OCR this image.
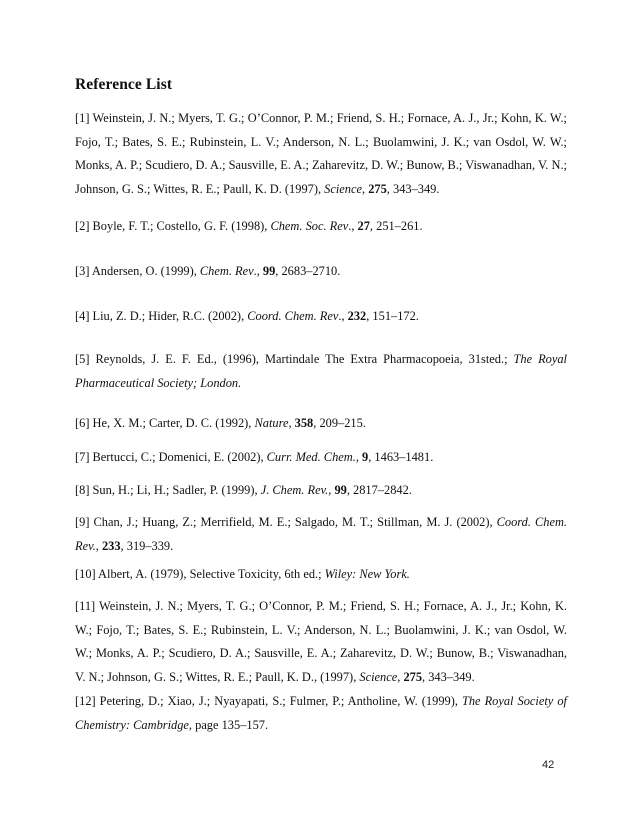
Reference List
[1] Weinstein, J. N.; Myers, T. G.; O’Connor, P. M.; Friend, S. H.; Fornace, A. J., Jr.; Kohn, K. W.; Fojo, T.; Bates, S. E.; Rubinstein, L. V.; Anderson, N. L.; Buolamwini, J. K.; van Osdol, W. W.; Monks, A. P.; Scudiero, D. A.; Sausville, E. A.; Zaharevitz, D. W.; Bunow, B.; Viswanadhan, V. N.; Johnson, G. S.; Wittes, R. E.; Paull, K. D. (1997), Science, 275, 343–349.
[2] Boyle, F. T.; Costello, G. F. (1998), Chem. Soc. Rev., 27, 251–261.
[3] Andersen, O. (1999), Chem. Rev., 99, 2683–2710.
[4] Liu, Z. D.; Hider, R.C. (2002), Coord. Chem. Rev., 232, 151–172.
[5] Reynolds, J. E. F. Ed., (1996), Martindale The Extra Pharmacopoeia, 31sted.; The Royal Pharmaceutical Society; London.
[6] He, X. M.; Carter, D. C. (1992), Nature, 358, 209–215.
[7] Bertucci, C.; Domenici, E. (2002), Curr. Med. Chem., 9, 1463–1481.
[8] Sun, H.; Li, H.; Sadler, P. (1999), J. Chem. Rev., 99, 2817–2842.
[9] Chan, J.; Huang, Z.; Merrifield, M. E.; Salgado, M. T.; Stillman, M. J. (2002), Coord. Chem. Rev., 233, 319–339.
[10] Albert, A. (1979), Selective Toxicity, 6th ed.; Wiley: New York.
[11] Weinstein, J. N.; Myers, T. G.; O’Connor, P. M.; Friend, S. H.; Fornace, A. J., Jr.; Kohn, K. W.; Fojo, T.; Bates, S. E.; Rubinstein, L. V.; Anderson, N. L.; Buolamwini, J. K.; van Osdol, W. W.; Monks, A. P.; Scudiero, D. A.; Sausville, E. A.; Zaharevitz, D. W.; Bunow, B.; Viswanadhan, V. N.; Johnson, G. S.; Wittes, R. E.; Paull, K. D., (1997), Science, 275, 343–349.
[12] Petering, D.; Xiao, J.; Nyayapati, S.; Fulmer, P.; Antholine, W. (1999), The Royal Society of Chemistry: Cambridge, page 135–157.
42
